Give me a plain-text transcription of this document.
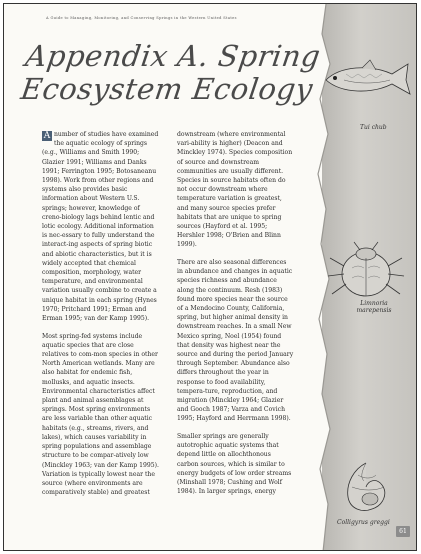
A Guide to Managing, Monitoring, and Conserving Springs in the Western United States
Appendix A. Spring Ecosystem Ecology

A number of studies have examined the aquatic ecology of springs (e.g., Williams and Smith 1990; Glazier 1991; Williams and Danks 1991; Ferrington 1995; Botosaneanu 1998). Work from other regions and systems also provides basic information about Western U.S. springs; however, knowledge of creno-biology lags behind lentic and lotic ecology. Additional information is nec-essary to fully understand the interact-ing aspects of spring biotic and abiotic characteristics, but it is widely accepted that chemical composition, morphology, water temperature, and environmental variation usually combine to create a unique habitat in each spring (Hynes 1970; Pritchard 1991; Erman and Erman 1995; van der Kamp 1995).

Most spring-fed systems include aquatic species that are close relatives to com-mon species in other North American wetlands. Many are also habitat for endemic fish, mollusks, and aquatic insects. Environmental characteristics affect plant and animal assemblages at springs. Most spring environments are less variable than other aquatic habitats (e.g., streams, rivers, and lakes), which causes variability in spring populations and assemblage structure to be compar-atively low (Minckley 1963; van der Kamp 1995). Variation is typically lowest near the source (where environments are comparatively stable) and greatest

downstream (where environmental vari-ability is higher) (Deacon and Minckley 1974). Species composition of source and downstream communities are usually different. Species in source habitats often do not occur downstream where temperature variation is greatest, and many source species prefer habitats that are unique to spring sources (Hayford et al. 1995; Hershler 1998; O'Brien and Blinn 1999).

There are also seasonal differences in abundance and changes in aquatic species richness and abundance along the continuum. Resh (1983) found more species near the source of a Mendocino County, California, spring, but higher animal density in downstream reaches. In a small New Mexico spring, Noel (1954) found that density was highest near the source and during the period January through September. Abundance also differs throughout the year in response to food availability, tempera-ture, reproduction, and migration (Minckley 1964; Glazier and Gooch 1987; Varza and Covich 1995; Hayford and Herrmann 1998).

Smaller springs are generally autotrophic aquatic systems that depend little on allochthonous carbon sources, which is similar to energy budgets of low order streams (Minshall 1978; Cushing and Wolf 1984). In larger springs, energy

Tui chub
Limnoria
marepensis
Colligyrus greggi
61
